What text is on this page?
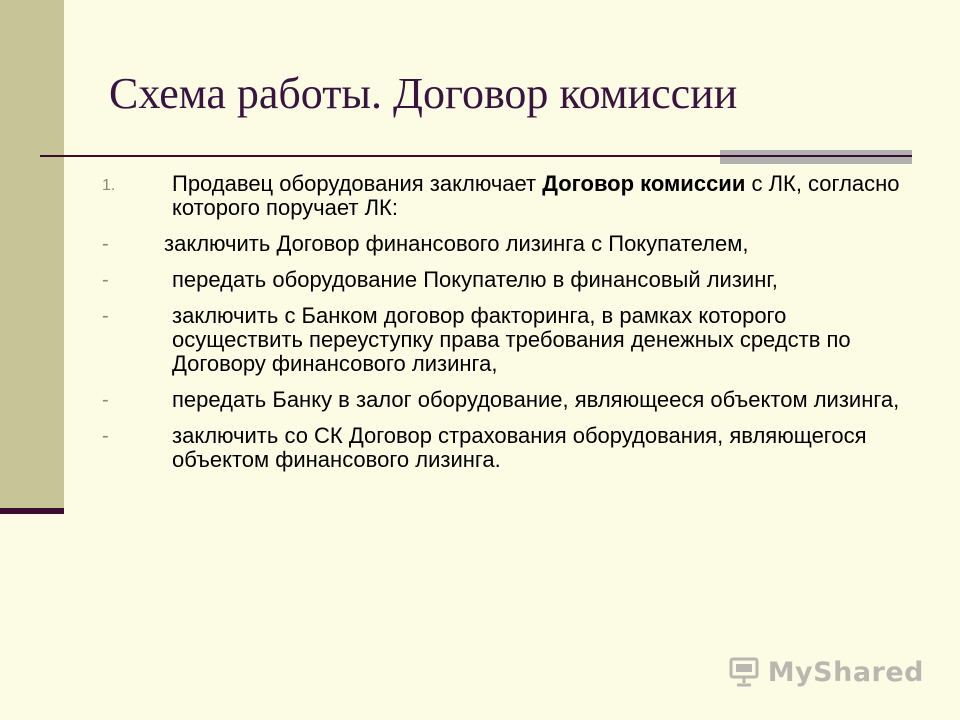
Схема работы. Договор комиссии
1.	Продавец оборудования заключает Договор комиссии с ЛК, согласно которого поручает ЛК:
-	заключить Договор финансового лизинга с Покупателем,
-	передать оборудование Покупателю в финансовый лизинг,
-	заключить с Банком договор факторинга, в рамках которого осуществить переуступку права требования денежных средств по Договору финансового лизинга,
-	передать Банку в залог оборудование, являющееся объектом лизинга,
-	заключить со СК Договор страхования оборудования, являющегося объектом финансового лизинга.
MyShared
